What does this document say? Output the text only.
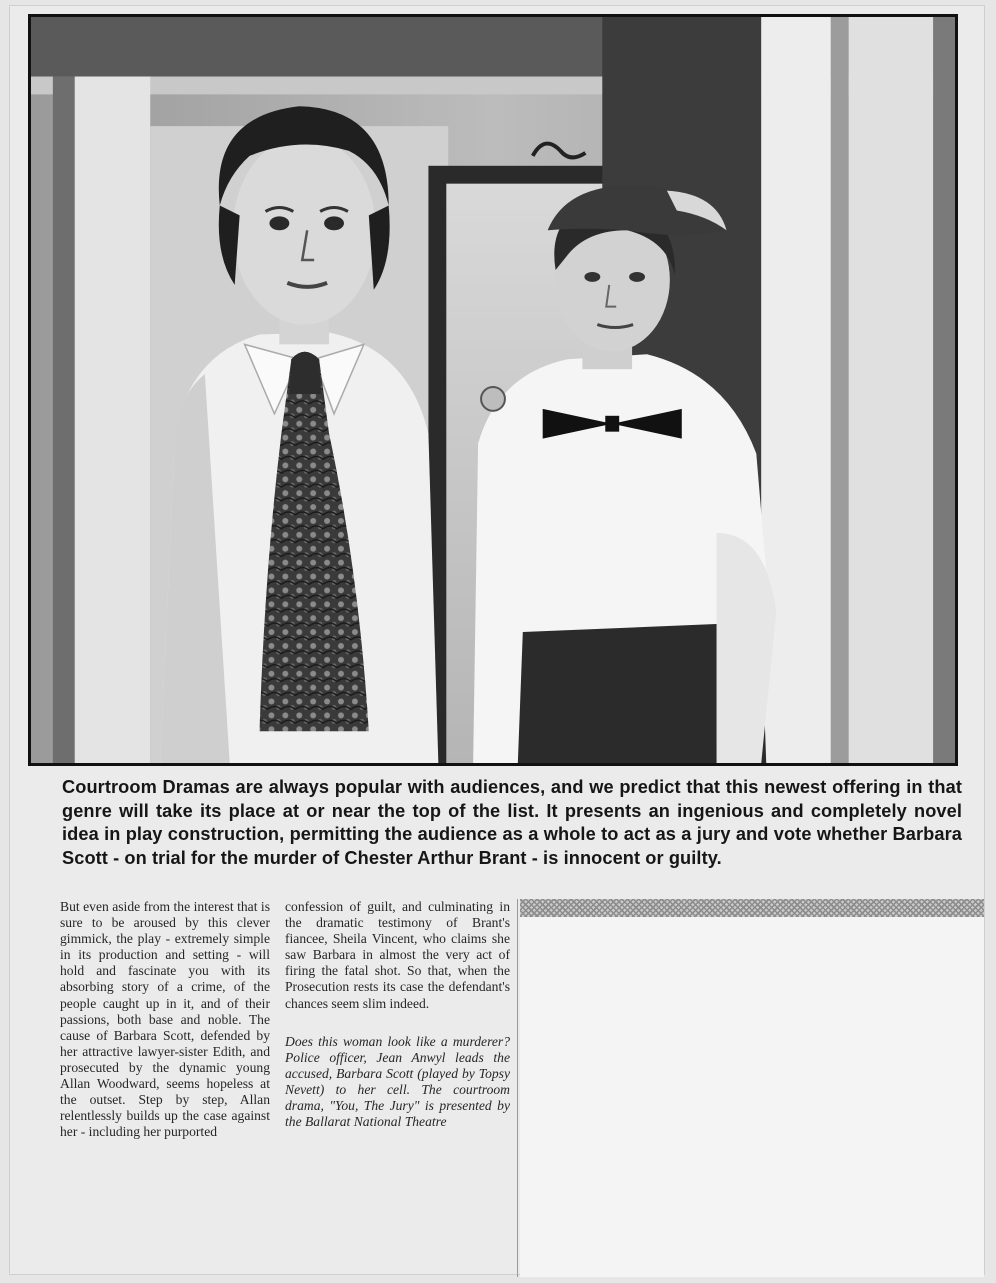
Courtroom Dramas are always popular with audiences, and we predict that this newest offering in that genre will take its place at or near the top of the list. It presents an ingenious and completely novel idea in play construction, permitting the audience as a whole to act as a jury and vote whether Barbara Scott - on trial for the murder of Chester Arthur Brant - is innocent or guilty.
But even aside from the interest that is sure to be aroused by this clever gimmick, the play - extremely simple in its production and setting - will hold and fascinate you with its absorbing story of a crime, of the people caught up in it, and of their passions, both base and noble. The cause of Barbara Scott, defended by her attractive lawyer-sister Edith, and prosecuted by the dynamic young Allan Woodward, seems hopeless at the outset. Step by step, Allan relentlessly builds up the case against her - including her purported
confession of guilt, and culminating in the dramatic testimony of Brant's fiancee, Sheila Vincent, who claims she saw Barbara in almost the very act of firing the fatal shot. So that, when the Prosecution rests its case the defendant's chances seem slim indeed.
Does this woman look like a murderer? Police officer, Jean Anwyl leads the accused, Barbara Scott (played by Topsy Nevett) to her cell. The courtroom drama, "You, The Jury" is presented by the Ballarat National Theatre
